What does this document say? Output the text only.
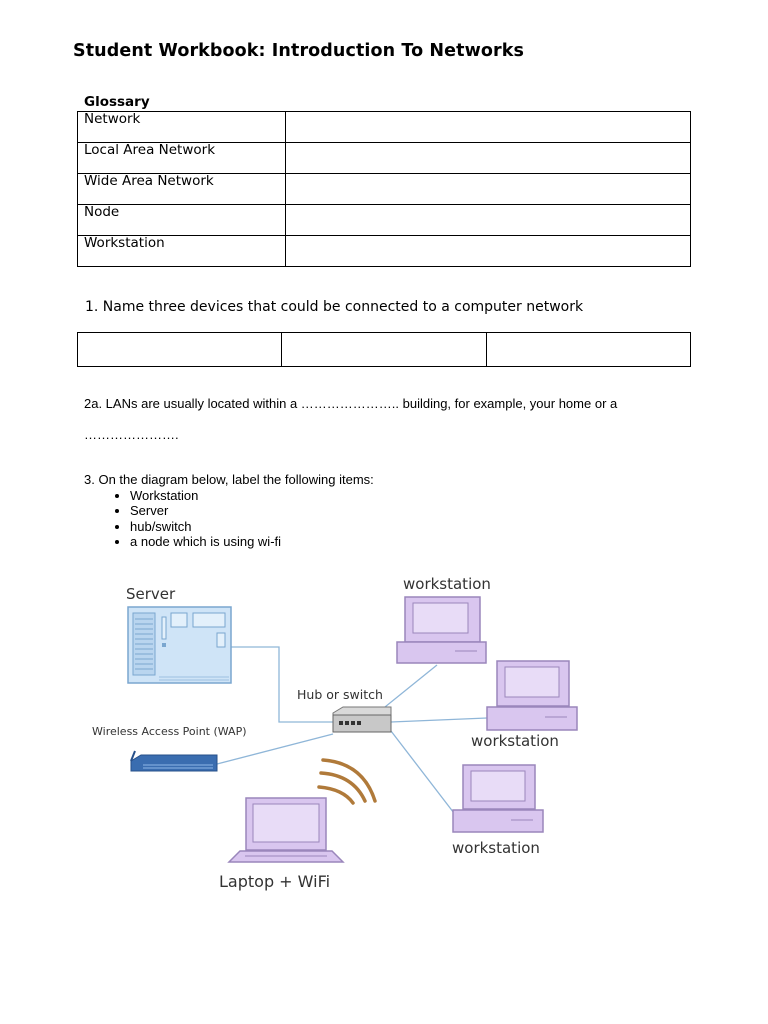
Student Workbook: Introduction To Networks
Glossary
Network	
Local Area Network	
Wide Area Network	
Node	
Workstation	
1. Name three devices that could be connected to a computer network

2a. LANs are usually located within a ………………….. building, for example, your home or a
………………….
3. On the diagram below, label the following items:
• Workstation
• Server
• hub/switch
• a node which is using wi-fi
Server
Hub or switch
workstation
workstation
workstation
Wireless Access Point (WAP)
Laptop + WiFi
